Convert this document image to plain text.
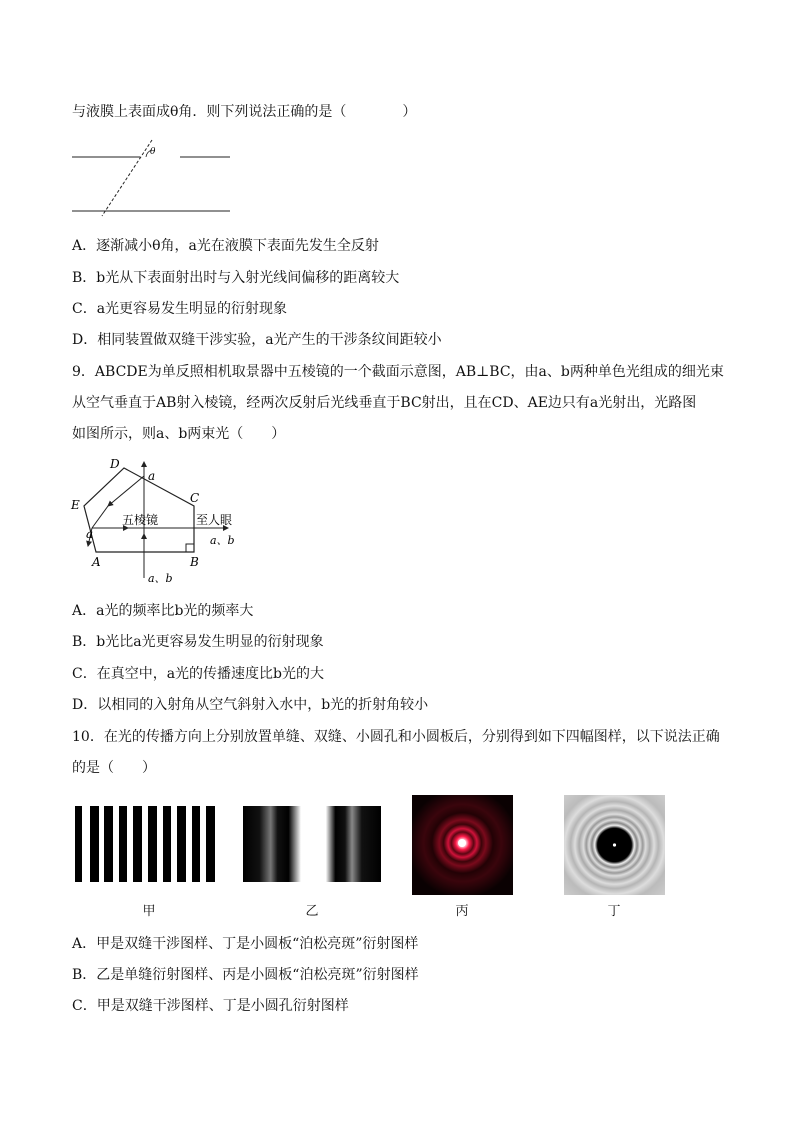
与液膜上表面成θ角．则下列说法正确的是（　　　　）
θ
A．逐渐减小θ角，a光在液膜下表面先发生全反射
B．b光从下表面射出时与入射光线间偏移的距离较大
C．a光更容易发生明显的衍射现象
D．相同装置做双缝干涉实验，a光产生的干涉条纹间距较小
9．ABCDE为单反照相机取景器中五棱镜的一个截面示意图，AB⊥BC，由a、b两种单色光组成的细光束
从空气垂直于AB射入棱镜，经两次反射后光线垂直于BC射出，且在CD、AE边只有a光射出，光路图
如图所示，则a、b两束光（　　）
D
E
A	B
C
a
a
五棱镜	至人眼
a、b
a、b
A．a光的频率比b光的频率大
B．b光比a光更容易发生明显的衍射现象
C．在真空中，a光的传播速度比b光的大
D．以相同的入射角从空气斜射入水中，b光的折射角较小
10．在光的传播方向上分别放置单缝、双缝、小圆孔和小圆板后，分别得到如下四幅图样，以下说法正确
的是（　　）
甲	乙	丙	丁
A．甲是双缝干涉图样、丁是小圆板“泊松亮斑”衍射图样
B．乙是单缝衍射图样、丙是小圆板“泊松亮斑”衍射图样
C．甲是双缝干涉图样、丁是小圆孔衍射图样
